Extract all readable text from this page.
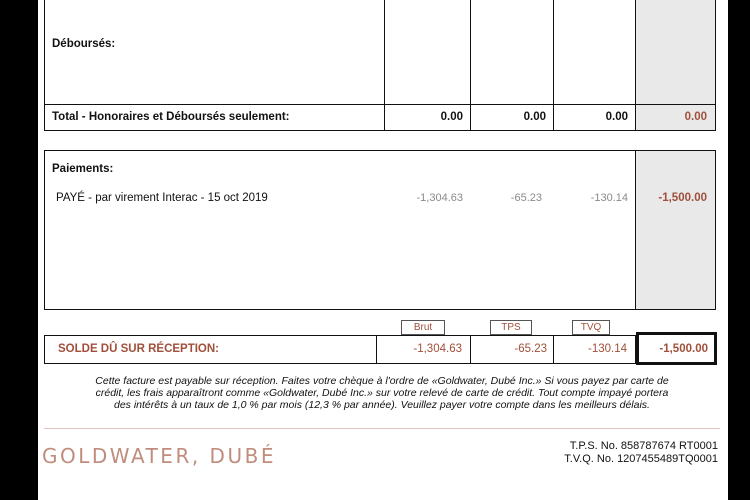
Déboursés:
Total - Honoraires et Déboursés seulement:	0.00	0.00	0.00	0.00
Paiements:
PAYÉ - par virement Interac - 15 oct 2019	-1,304.63	-65.23	-130.14	-1,500.00
Brut	TPS	TVQ
SOLDE DÛ SUR RÉCEPTION:	-1,304.63	-65.23	-130.14	-1,500.00
Cette facture est payable sur réception. Faites votre chèque à l'ordre de «Goldwater, Dubé Inc.» Si vous payez par carte de
crédit, les frais apparaîtront comme «Goldwater, Dubé Inc.» sur votre relevé de carte de crédit. Tout compte impayé portera
des intérêts à un taux de 1,0 % par mois (12,3 % par année). Veuillez payer votre compte dans les meilleurs délais.
GOLDWATER, DUBÉ	T.P.S. No. 858787674 RT0001
T.V.Q. No. 1207455489TQ0001
